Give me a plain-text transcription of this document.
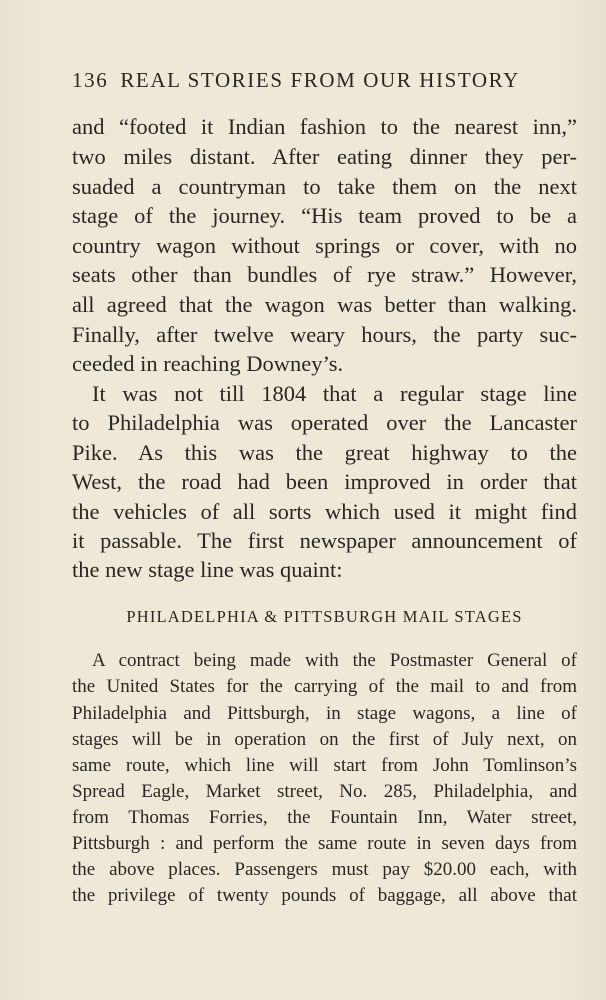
136 REAL STORIES FROM OUR HISTORY
and “footed it Indian fashion to the nearest inn,”
two miles distant. After eating dinner they per-
suaded a countryman to take them on the next
stage of the journey. “His team proved to be a
country wagon without springs or cover, with no
seats other than bundles of rye straw.” However,
all agreed that the wagon was better than walking.
Finally, after twelve weary hours, the party suc-
ceeded in reaching Downey’s.
It was not till 1804 that a regular stage line
to Philadelphia was operated over the Lancaster
Pike. As this was the great highway to the
West, the road had been improved in order that
the vehicles of all sorts which used it might find
it passable. The first newspaper announcement of
the new stage line was quaint:
PHILADELPHIA & PITTSBURGH MAIL STAGES
A contract being made with the Postmaster General of
the United States for the carrying of the mail to and from
Philadelphia and Pittsburgh, in stage wagons, a line of
stages will be in operation on the first of July next, on
same route, which line will start from John Tomlinson’s
Spread Eagle, Market street, No. 285, Philadelphia, and
from Thomas Forries, the Fountain Inn, Water street,
Pittsburgh : and perform the same route in seven days from
the above places. Passengers must pay $20.00 each, with
the privilege of twenty pounds of baggage, all above that
